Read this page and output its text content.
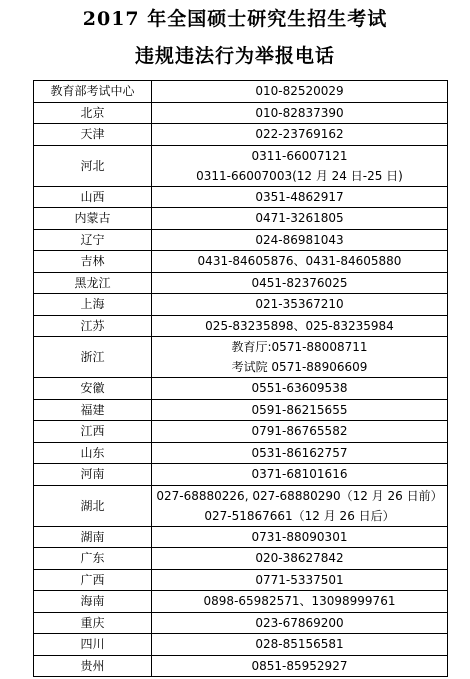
2017 年全国硕士研究生招生考试
违规违法行为举报电话
教育部考试中心	010-82520029

北京	010-82837390

天津	022-23769162

河北	0311-66007121
0311-66007003(12 月 24 日-25 日)

山西	0351-4862917

内蒙古	0471-3261805

辽宁	024-86981043

吉林	0431-84605876、0431-84605880

黑龙江	0451-82376025

上海	021-35367210

江苏	025-83235898、025-83235984

浙江	教育厅:0571-88008711
考试院 0571-88906609

安徽	0551-63609538

福建	0591-86215655

江西	0791-86765582

山东	0531-86162757

河南	0371-68101616

湖北	027-68880226, 027-68880290（12 月 26 日前）
027-51867661（12 月 26 日后）

湖南	0731-88090301

广东	020-38627842

广西	0771-5337501

海南	0898-65982571、13098999761

重庆	023-67869200

四川	028-85156581

贵州	0851-85952927
